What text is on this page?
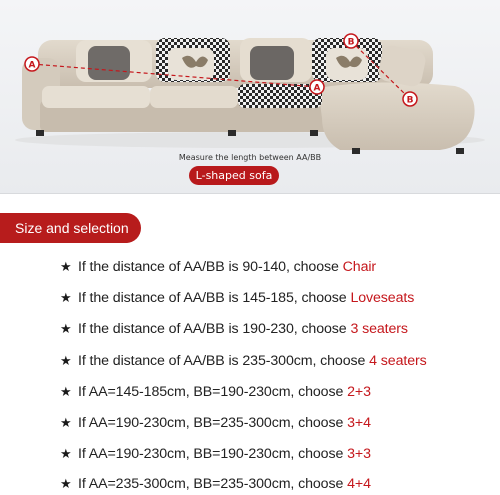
A
A
B
B
Measure the length between AA/BB
L-shaped sofa
Size and selection
★ If the distance of AA/BB is 90-140, choose Chair
★ If the distance of AA/BB is 145-185, choose Loveseats
★ If the distance of AA/BB is 190-230, choose 3 seaters
★ If the distance of AA/BB is 235-300cm, choose 4 seaters
★ If AA=145-185cm, BB=190-230cm, choose 2+3
★ If AA=190-230cm, BB=235-300cm, choose 3+4
★ If AA=190-230cm, BB=190-230cm, choose 3+3
★ If AA=235-300cm, BB=235-300cm, choose 4+4
